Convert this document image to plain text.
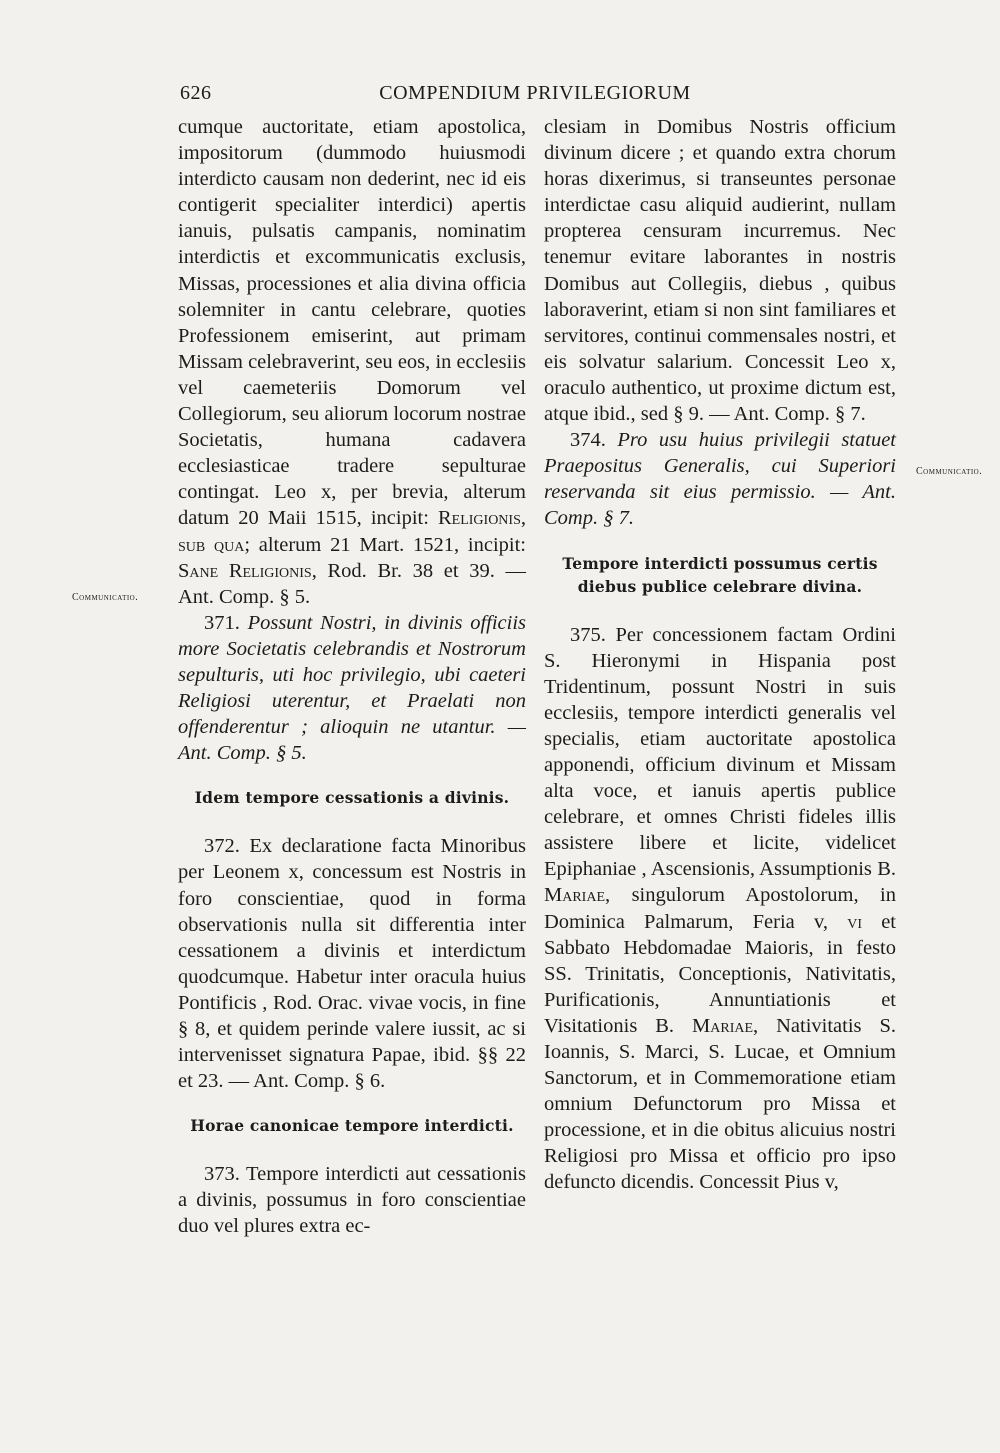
626	COMPENDIUM PRIVILEGIORUM
Communicatio.
Communicatio.

cumque auctoritate, etiam apostolica, impositorum (dummodo huiusmodi interdicto causam non dederint, nec id eis contigerit specialiter interdici) apertis ianuis, pulsatis campanis, nominatim interdictis et excommunicatis exclusis, Missas, processiones et alia divina officia solemniter in cantu celebrare, quoties Professionem emiserint, aut primam Missam celebraverint, seu eos, in ecclesiis vel caemeteriis Domorum vel Collegiorum, seu aliorum locorum nostrae Societatis, humana cadavera ecclesiasticae tradere sepulturae contingat. Leo x, per brevia, alterum datum 20 Maii 1515, incipit: Religionis, sub qua; alterum 21 Mart. 1521, incipit: Sane Religionis, Rod. Br. 38 et 39. — Ant. Comp. § 5.

371. Possunt Nostri, in divinis officiis more Societatis celebrandis et Nostrorum sepulturis, uti hoc privilegio, ubi caeteri Religiosi uterentur, et Praelati non offenderentur ; alioquin ne utantur. — Ant. Comp. § 5.

Idem tempore cessationis a divinis.

372. Ex declaratione facta Minoribus per Leonem x, concessum est Nostris in foro conscientiae, quod in forma observationis nulla sit differentia inter cessationem a divinis et interdictum quodcumque. Habetur inter oracula huius Pontificis , Rod. Orac. vivae vocis, in fine § 8, et quidem perinde valere iussit, ac si intervenisset signatura Papae, ibid. §§ 22 et 23. — Ant. Comp. § 6.

Horae canonicae tempore interdicti.

373. Tempore interdicti aut cessationis a divinis, possumus in foro conscientiae duo vel plures extra ec-

clesiam in Domibus Nostris officium divinum dicere ; et quando extra chorum horas dixerimus, si transeuntes personae interdictae casu aliquid audierint, nullam propterea censuram incurremus. Nec tenemur evitare laborantes in nostris Domibus aut Collegiis, diebus , quibus laboraverint, etiam si non sint familiares et servitores, continui commensales nostri, et eis solvatur salarium. Concessit Leo x, oraculo authentico, ut proxime dictum est, atque ibid., sed § 9. — Ant. Comp. § 7.

374. Pro usu huius privilegii statuet Praepositus Generalis, cui Superiori reservanda sit eius permissio. — Ant. Comp. § 7.

Tempore interdicti possumus certis diebus publice celebrare divina.

375. Per concessionem factam Ordini S. Hieronymi in Hispania post Tridentinum, possunt Nostri in suis ecclesiis, tempore interdicti generalis vel specialis, etiam auctoritate apostolica apponendi, officium divinum et Missam alta voce, et ianuis apertis publice celebrare, et omnes Christi fideles illis assistere libere et licite, videlicet Epiphaniae , Ascensionis, Assumptionis B. Mariae, singulorum Apostolorum, in Dominica Palmarum, Feria v, vi et Sabbato Hebdomadae Maioris, in festo SS. Trinitatis, Conceptionis, Nativitatis, Purificationis, Annuntiationis et Visitationis B. Mariae, Nativitatis S. Ioannis, S. Marci, S. Lucae, et Omnium Sanctorum, et in Commemoratione etiam omnium Defunctorum pro Missa et processione, et in die obitus alicuius nostri Religiosi pro Missa et officio pro ipso defuncto dicendis. Concessit Pius v,
